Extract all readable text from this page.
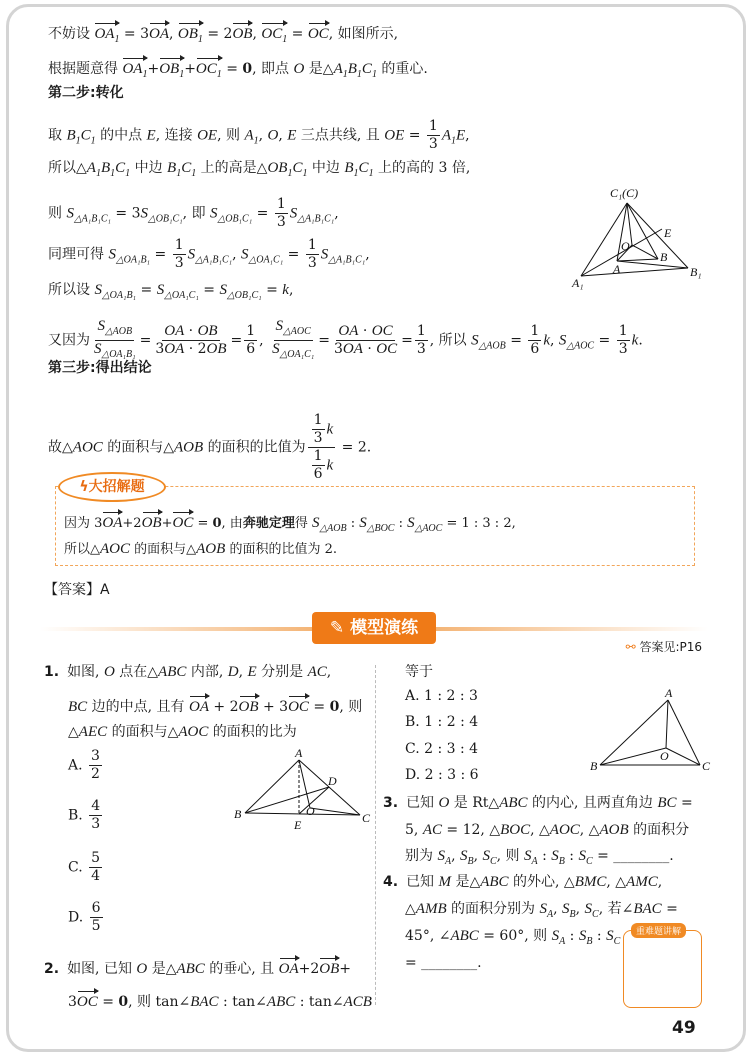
不妨设 $OA_1 = 3OA$, $OB_1 = 2OB$, $OC_1$ = OC, 如图所示,
根据题意得 $OA_1+OB_1+OC_1 = 0$, 即点 O 是$\triangle A_1B_1C_1$ 的重心.
第二步:转化
取 $B_1C_1$ 的中点 E, 连接 OE, 则 $A_1$, O, E 三点共线, 且 OE = $\frac{1}{3} A_1E$,
所以$\triangle A_1B_1C_1$ 中边 $B_1C_1$ 上的高是$\triangle OB_1C_1$ 中边 $B_1C_1$ 上的高的 3 倍,
则 $S_{\triangle A_1B_1C_1} = 3S_{\triangle OB_1C_1}$, 即 $S_{\triangle OB_1C_1} = \frac{1}{3} S_{\triangle A_1B_1C_1}$,
同理可得 $S_{\triangle OA_1B_1} = \frac{1}{3} S_{\triangle A_1B_1C_1}$, $S_{\triangle OA_1C_1} = \frac{1}{3} S_{\triangle A_1B_1C_1}$,
所以设 $S_{\triangle OA_1B_1} = S_{\triangle OA_1C_1} = S_{\triangle OB_1C_1} = k$,
又因为 $\frac{S_{\triangle AOB}}{S_{\triangle OA_1B_1}} = \frac{OA \cdot OB}{3OA \cdot 2OB} = \frac{1}{6}$ , $\frac{S_{\triangle AOC}}{S_{\triangle OA_1C_1}} = \frac{OA \cdot OC}{3OA \cdot OC} = \frac{1}{3}$ , 所以 $S_{\triangle AOB} = \frac{1}{6} k$, $S_{\triangle AOC} = \frac{1}{3} k$.
第三步:得出结论
故△AOC 的面积与△AOB 的面积的比值为 $\frac{\frac{1}{3} k}{\frac{1}{6} k} = 2$.
C₁(C)
A₁
B₁
A
B
O
E
A
B	C
D
E
O
A
B	C
O
因为 3OA+2OB+OC = 0, 由奔驰定理得 $S_{\triangle AOB}$ : $S_{\triangle BOC}$ : $S_{\triangle AOC} = 1$ : 3 : 2,
所以△AOC 的面积与△AOB 的面积的比值为 2.
ϟ大招解题
【答案】A
✎ 模型演练
⚯ 答案见:P16
1. 如图, O 点在△ABC 内部, D, E 分别是 AC,
BC 边的中点, 且有 OA + 2OB + 3OC = 0, 则
△AEC 的面积与△AOC 的面积的比为
A. $\frac{3}{2}$
B. $\frac{4}{3}$
C. $\frac{5}{4}$
D. $\frac{6}{5}$
2. 如图, 已知 O 是△ABC 的垂心, 且 OA+2OB+
3OC = 0, 则 tan∠BAC : tan∠ABC : tan∠ACB
等于
A. 1 : 2 : 3
B. 1 : 2 : 4
C. 2 : 3 : 4
D. 2 : 3 : 6
3. 已知 O 是 Rt△ABC 的内心, 且两直角边 BC =
5, AC = 12, △BOC, △AOC, △AOB 的面积分
别为 $S_A$, $S_B$, $S_C$, 则 $S_A$ : $S_B$ : $S_C$ = ________.
4. 已知 M 是△ABC 的外心, △BMC, △AMC,
△AMB 的面积分别为 $S_A$, $S_B$, $S_C$, 若∠BAC =
45°, ∠ABC = 60°, 则 $S_A$ : $S_B$ : $S_C$
= ________.
重难题讲解
49
